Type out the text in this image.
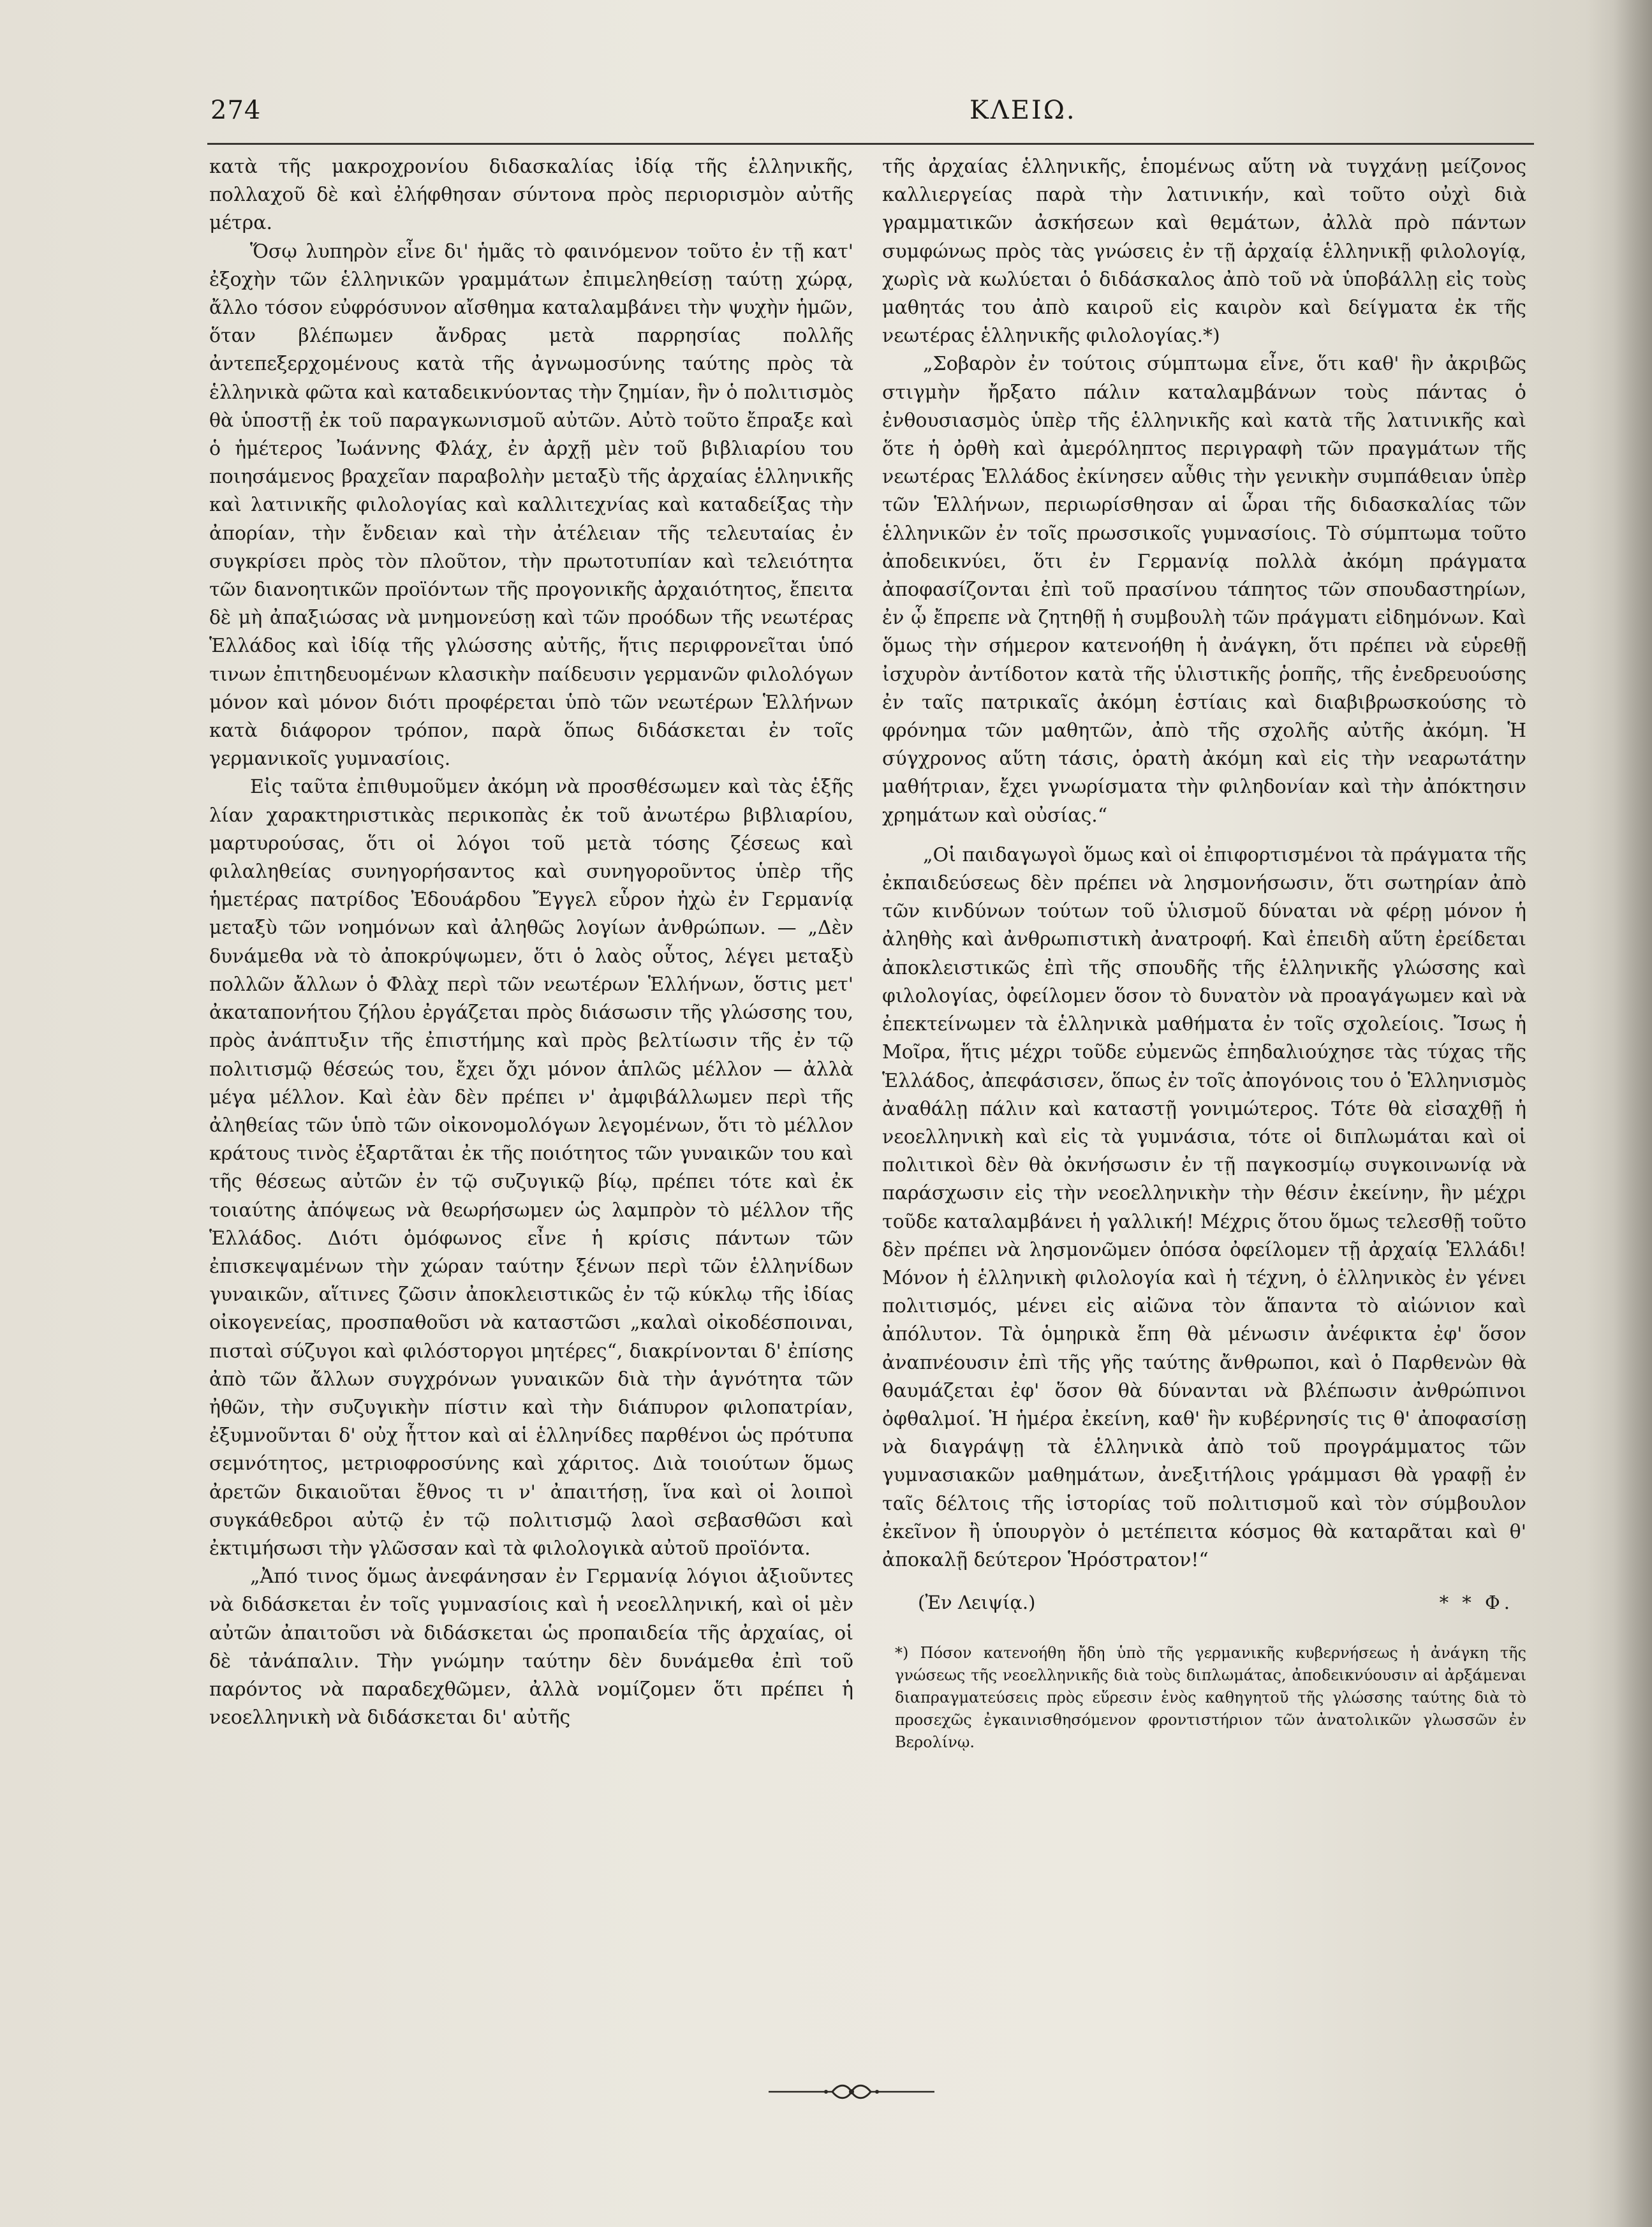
274	ΚΛΕΙΩ.

κατὰ τῆς μακροχρονίου διδασκαλίας ἰδίᾳ τῆς ἑλληνικῆς, πολλαχοῦ δὲ καὶ ἐλήφθησαν σύντονα πρὸς περιορισμὸν αὐτῆς μέτρα.

Ὅσῳ λυπηρὸν εἶνε δι' ἡμᾶς τὸ φαινόμενον τοῦτο ἐν τῇ κατ' ἐξοχὴν τῶν ἑλληνικῶν γραμμάτων ἐπιμεληθείσῃ ταύτῃ χώρᾳ, ἄλλο τόσον εὐφρόσυνον αἴσθημα καταλαμβάνει τὴν ψυχὴν ἡμῶν, ὅταν βλέπωμεν ἄνδρας μετὰ παρρησίας πολλῆς ἀντεπεξερχομένους κατὰ τῆς ἀγνωμοσύνης ταύτης πρὸς τὰ ἑλληνικὰ φῶτα καὶ καταδεικνύοντας τὴν ζημίαν, ἣν ὁ πολιτισμὸς θὰ ὑποστῇ ἐκ τοῦ παραγκωνισμοῦ αὐτῶν. Αὐτὸ τοῦτο ἔπραξε καὶ ὁ ἡμέτερος Ἰωάννης Φλάχ, ἐν ἀρχῇ μὲν τοῦ βιβλιαρίου του ποιησάμενος βραχεῖαν παραβολὴν μεταξὺ τῆς ἀρχαίας ἑλληνικῆς καὶ λατινικῆς φιλολογίας καὶ καλλιτεχνίας καὶ καταδείξας τὴν ἀπορίαν, τὴν ἔνδειαν καὶ τὴν ἀτέλειαν τῆς τελευταίας ἐν συγκρίσει πρὸς τὸν πλοῦτον, τὴν πρωτοτυπίαν καὶ τελειότητα τῶν διανοητικῶν προϊόντων τῆς προγονικῆς ἀρχαιότητος, ἔπειτα δὲ μὴ ἀπαξιώσας νὰ μνημονεύσῃ καὶ τῶν προόδων τῆς νεωτέρας Ἑλλάδος καὶ ἰδίᾳ τῆς γλώσσης αὐτῆς, ἥτις περιφρονεῖται ὑπό τινων ἐπιτηδευομένων κλασικὴν παίδευσιν γερμανῶν φιλολόγων μόνον καὶ μόνον διότι προφέρεται ὑπὸ τῶν νεωτέρων Ἑλλήνων κατὰ διάφορον τρόπον, παρὰ ὅπως διδάσκεται ἐν τοῖς γερμανικοῖς γυμνασίοις.

Εἰς ταῦτα ἐπιθυμοῦμεν ἀκόμη νὰ προσθέσωμεν καὶ τὰς ἑξῆς λίαν χαρακτηριστικὰς περικοπὰς ἐκ τοῦ ἀνωτέρω βιβλιαρίου, μαρτυρούσας, ὅτι οἱ λόγοι τοῦ μετὰ τόσης ζέσεως καὶ φιλαληθείας συνηγορήσαντος καὶ συνηγοροῦντος ὑπὲρ τῆς ἡμετέρας πατρίδος Ἐδουάρδου Ἔγγελ εὗρον ἠχὼ ἐν Γερμανίᾳ μεταξὺ τῶν νοημόνων καὶ ἀληθῶς λογίων ἀνθρώπων. — „Δὲν δυνάμεθα νὰ τὸ ἀποκρύψωμεν, ὅτι ὁ λαὸς οὗτος, λέγει μεταξὺ πολλῶν ἄλλων ὁ Φλὰχ περὶ τῶν νεωτέρων Ἑλλήνων, ὅστις μετ' ἀκαταπονήτου ζήλου ἐργάζεται πρὸς διάσωσιν τῆς γλώσσης του, πρὸς ἀνάπτυξιν τῆς ἐπιστήμης καὶ πρὸς βελτίωσιν τῆς ἐν τῷ πολιτισμῷ θέσεώς του, ἔχει ὄχι μόνον ἁπλῶς μέλλον — ἀλλὰ μέγα μέλλον. Καὶ ἐὰν δὲν πρέπει ν' ἀμφιβάλλωμεν περὶ τῆς ἀληθείας τῶν ὑπὸ τῶν οἰκονομολόγων λεγομένων, ὅτι τὸ μέλλον κράτους τινὸς ἐξαρτᾶται ἐκ τῆς ποιότητος τῶν γυναικῶν του καὶ τῆς θέσεως αὐτῶν ἐν τῷ συζυγικῷ βίῳ, πρέπει τότε καὶ ἐκ τοιαύτης ἀπόψεως νὰ θεωρήσωμεν ὡς λαμπρὸν τὸ μέλλον τῆς Ἑλλάδος. Διότι ὁμόφωνος εἶνε ἡ κρίσις πάντων τῶν ἐπισκεψαμένων τὴν χώραν ταύτην ξένων περὶ τῶν ἑλληνίδων γυναικῶν, αἵτινες ζῶσιν ἀποκλειστικῶς ἐν τῷ κύκλῳ τῆς ἰδίας οἰκογενείας, προσπαθοῦσι νὰ καταστῶσι „καλαὶ οἰκοδέσποιναι, πισταὶ σύζυγοι καὶ φιλόστοργοι μητέρες“, διακρίνονται δ' ἐπίσης ἀπὸ τῶν ἄλλων συγχρόνων γυναικῶν διὰ τὴν ἁγνότητα τῶν ἠθῶν, τὴν συζυγικὴν πίστιν καὶ τὴν διάπυρον φιλοπατρίαν, ἐξυμνοῦνται δ' οὐχ ἧττον καὶ αἱ ἑλληνίδες παρθένοι ὡς πρότυπα σεμνότητος, μετριοφροσύνης καὶ χάριτος. Διὰ τοιούτων ὅμως ἀρετῶν δικαιοῦται ἔθνος τι ν' ἀπαιτήσῃ, ἵνα καὶ οἱ λοιποὶ συγκάθεδροι αὐτῷ ἐν τῷ πολιτισμῷ λαοὶ σεβασθῶσι καὶ ἐκτιμήσωσι τὴν γλῶσσαν καὶ τὰ φιλολογικὰ αὐτοῦ προϊόντα.

„Ἀπό τινος ὅμως ἀνεφάνησαν ἐν Γερμανίᾳ λόγιοι ἀξιοῦντες νὰ διδάσκεται ἐν τοῖς γυμνασίοις καὶ ἡ νεοελληνική, καὶ οἱ μὲν αὐτῶν ἀπαιτοῦσι νὰ διδάσκεται ὡς προπαιδεία τῆς ἀρχαίας, οἱ δὲ τἀνάπαλιν. Τὴν γνώμην ταύτην δὲν δυνάμεθα ἐπὶ τοῦ παρόντος νὰ παραδεχθῶμεν, ἀλλὰ νομίζομεν ὅτι πρέπει ἡ νεοελληνικὴ νὰ διδάσκεται δι' αὐτῆς

τῆς ἀρχαίας ἑλληνικῆς, ἑπομένως αὕτη νὰ τυγχάνῃ μείζονος καλλιεργείας παρὰ τὴν λατινικήν, καὶ τοῦτο οὐχὶ διὰ γραμματικῶν ἀσκήσεων καὶ θεμάτων, ἀλλὰ πρὸ πάντων συμφώνως πρὸς τὰς γνώσεις ἐν τῇ ἀρχαίᾳ ἑλληνικῇ φιλολογίᾳ, χωρὶς νὰ κωλύεται ὁ διδάσκαλος ἀπὸ τοῦ νὰ ὑποβάλλῃ εἰς τοὺς μαθητάς του ἀπὸ καιροῦ εἰς καιρὸν καὶ δείγματα ἐκ τῆς νεωτέρας ἑλληνικῆς φιλολογίας.*)

„Σοβαρὸν ἐν τούτοις σύμπτωμα εἶνε, ὅτι καθ' ἣν ἀκριβῶς στιγμὴν ἤρξατο πάλιν καταλαμβάνων τοὺς πάντας ὁ ἐνθουσιασμὸς ὑπὲρ τῆς ἑλληνικῆς καὶ κατὰ τῆς λατινικῆς καὶ ὅτε ἡ ὀρθὴ καὶ ἀμερόληπτος περιγραφὴ τῶν πραγμάτων τῆς νεωτέρας Ἑλλάδος ἐκίνησεν αὖθις τὴν γενικὴν συμπάθειαν ὑπὲρ τῶν Ἑλλήνων, περιωρίσθησαν αἱ ὧραι τῆς διδασκαλίας τῶν ἑλληνικῶν ἐν τοῖς πρωσσικοῖς γυμνασίοις. Τὸ σύμπτωμα τοῦτο ἀποδεικνύει, ὅτι ἐν Γερμανίᾳ πολλὰ ἀκόμη πράγματα ἀποφασίζονται ἐπὶ τοῦ πρασίνου τάπητος τῶν σπουδαστηρίων, ἐν ᾧ ἔπρεπε νὰ ζητηθῇ ἡ συμβουλὴ τῶν πράγματι εἰδημόνων. Καὶ ὅμως τὴν σήμερον κατενοήθη ἡ ἀνάγκη, ὅτι πρέπει νὰ εὑρεθῇ ἰσχυρὸν ἀντίδοτον κατὰ τῆς ὑλιστικῆς ῥοπῆς, τῆς ἐνεδρευούσης ἐν ταῖς πατρικαῖς ἀκόμη ἑστίαις καὶ διαβιβρωσκούσης τὸ φρόνημα τῶν μαθητῶν, ἀπὸ τῆς σχολῆς αὐτῆς ἀκόμη. Ἡ σύγχρονος αὕτη τάσις, ὁρατὴ ἀκόμη καὶ εἰς τὴν νεαρωτάτην μαθήτριαν, ἔχει γνωρίσματα τὴν φιληδονίαν καὶ τὴν ἀπόκτησιν χρημάτων καὶ οὐσίας.“

„Οἱ παιδαγωγοὶ ὅμως καὶ οἱ ἐπιφορτισμένοι τὰ πράγματα τῆς ἐκπαιδεύσεως δὲν πρέπει νὰ λησμονήσωσιν, ὅτι σωτηρίαν ἀπὸ τῶν κινδύνων τούτων τοῦ ὑλισμοῦ δύναται νὰ φέρῃ μόνον ἡ ἀληθὴς καὶ ἀνθρωπιστικὴ ἀνατροφή. Καὶ ἐπειδὴ αὕτη ἐρείδεται ἀποκλειστικῶς ἐπὶ τῆς σπουδῆς τῆς ἑλληνικῆς γλώσσης καὶ φιλολογίας, ὀφείλομεν ὅσον τὸ δυνατὸν νὰ προαγάγωμεν καὶ νὰ ἐπεκτείνωμεν τὰ ἑλληνικὰ μαθήματα ἐν τοῖς σχολείοις. Ἴσως ἡ Μοῖρα, ἥτις μέχρι τοῦδε εὐμενῶς ἐπηδαλιούχησε τὰς τύχας τῆς Ἑλλάδος, ἀπεφάσισεν, ὅπως ἐν τοῖς ἀπογόνοις του ὁ Ἑλληνισμὸς ἀναθάλῃ πάλιν καὶ καταστῇ γονιμώτερος. Τότε θὰ εἰσαχθῇ ἡ νεοελληνικὴ καὶ εἰς τὰ γυμνάσια, τότε οἱ διπλωμάται καὶ οἱ πολιτικοὶ δὲν θὰ ὀκνήσωσιν ἐν τῇ παγκοσμίῳ συγκοινωνίᾳ νὰ παράσχωσιν εἰς τὴν νεοελληνικὴν τὴν θέσιν ἐκείνην, ἣν μέχρι τοῦδε καταλαμβάνει ἡ γαλλική! Μέχρις ὅτου ὅμως τελεσθῇ τοῦτο δὲν πρέπει νὰ λησμονῶμεν ὁπόσα ὀφείλομεν τῇ ἀρχαίᾳ Ἑλλάδι! Μόνον ἡ ἑλληνικὴ φιλολογία καὶ ἡ τέχνη, ὁ ἑλληνικὸς ἐν γένει πολιτισμός, μένει εἰς αἰῶνα τὸν ἅπαντα τὸ αἰώνιον καὶ ἀπόλυτον. Τὰ ὁμηρικὰ ἔπη θὰ μένωσιν ἀνέφικτα ἐφ' ὅσον ἀναπνέουσιν ἐπὶ τῆς γῆς ταύτης ἄνθρωποι, καὶ ὁ Παρθενὼν θὰ θαυμάζεται ἐφ' ὅσον θὰ δύνανται νὰ βλέπωσιν ἀνθρώπινοι ὀφθαλμοί. Ἡ ἡμέρα ἐκείνη, καθ' ἣν κυβέρνησίς τις θ' ἀποφασίσῃ νὰ διαγράψῃ τὰ ἑλληνικὰ ἀπὸ τοῦ προγράμματος τῶν γυμνασιακῶν μαθημάτων, ἀνεξιτήλοις γράμμασι θὰ γραφῇ ἐν ταῖς δέλτοις τῆς ἱστορίας τοῦ πολιτισμοῦ καὶ τὸν σύμβουλον ἐκεῖνον ἢ ὑπουργὸν ὁ μετέπειτα κόσμος θὰ καταρᾶται καὶ θ' ἀποκαλῇ δεύτερον Ἡρόστρατον!“

(Ἐν Λειψίᾳ.)	* * Φ.
*) Πόσον κατενοήθη ἤδη ὑπὸ τῆς γερμανικῆς κυβερνήσεως ἡ ἀνάγκη τῆς γνώσεως τῆς νεοελληνικῆς διὰ τοὺς διπλωμάτας, ἀποδεικνύουσιν αἱ ἀρξάμεναι διαπραγματεύσεις πρὸς εὕρεσιν ἑνὸς καθηγητοῦ τῆς γλώσσης ταύτης διὰ τὸ προσεχῶς ἐγκαινισθησόμενον φροντιστήριον τῶν ἀνατολικῶν γλωσσῶν ἐν Βερολίνῳ.
